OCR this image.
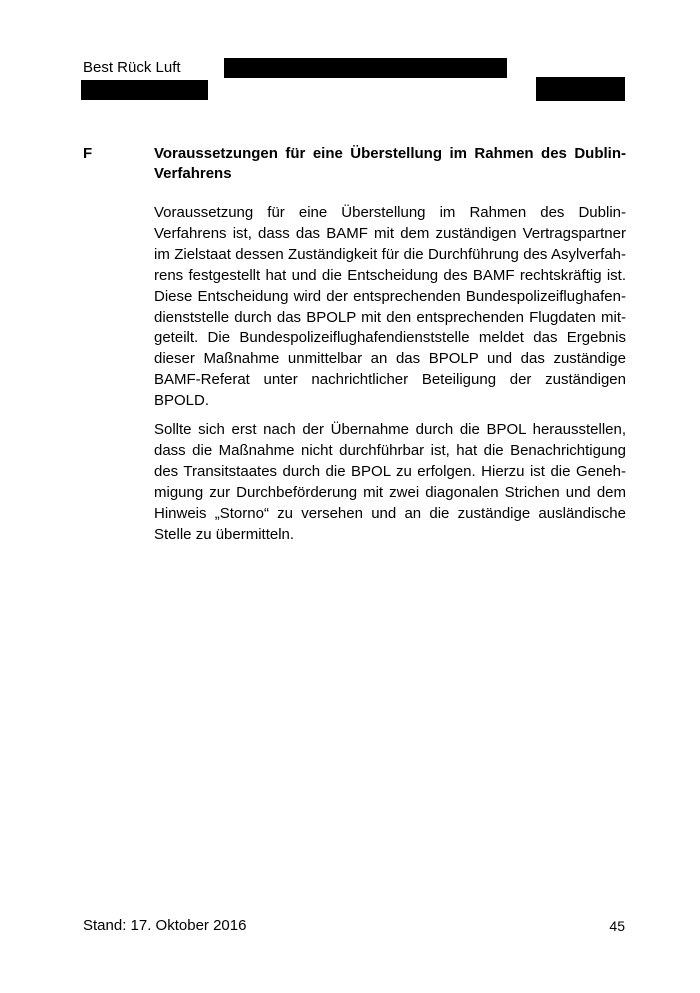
Best Rück Luft
F	Voraussetzungen für eine Überstellung im Rahmen des Dublin-Verfahrens
Voraussetzung für eine Überstellung im Rahmen des Dublin-
Verfahrens ist, dass das BAMF mit dem zuständigen Vertragspartner
im Zielstaat dessen Zuständigkeit für die Durchführung des Asylverfah-
rens festgestellt hat und die Entscheidung des BAMF rechtskräftig ist.
Diese Entscheidung wird der entsprechenden Bundespolizeiflughafen-
dienststelle durch das BPOLP mit den entsprechenden Flugdaten mit-
geteilt. Die Bundespolizeiflughafendienststelle meldet das Ergebnis
dieser Maßnahme unmittelbar an das BPOLP und das zuständige
BAMF-Referat unter nachrichtlicher Beteiligung der zuständigen
BPOLD.
Sollte sich erst nach der Übernahme durch die BPOL herausstellen,
dass die Maßnahme nicht durchführbar ist, hat die Benachrichtigung
des Transitstaates durch die BPOL zu erfolgen. Hierzu ist die Geneh-
migung zur Durchbeförderung mit zwei diagonalen Strichen und dem
Hinweis „Storno“ zu versehen und an die zuständige ausländische
Stelle zu übermitteln.
Stand: 17. Oktober 2016	45
